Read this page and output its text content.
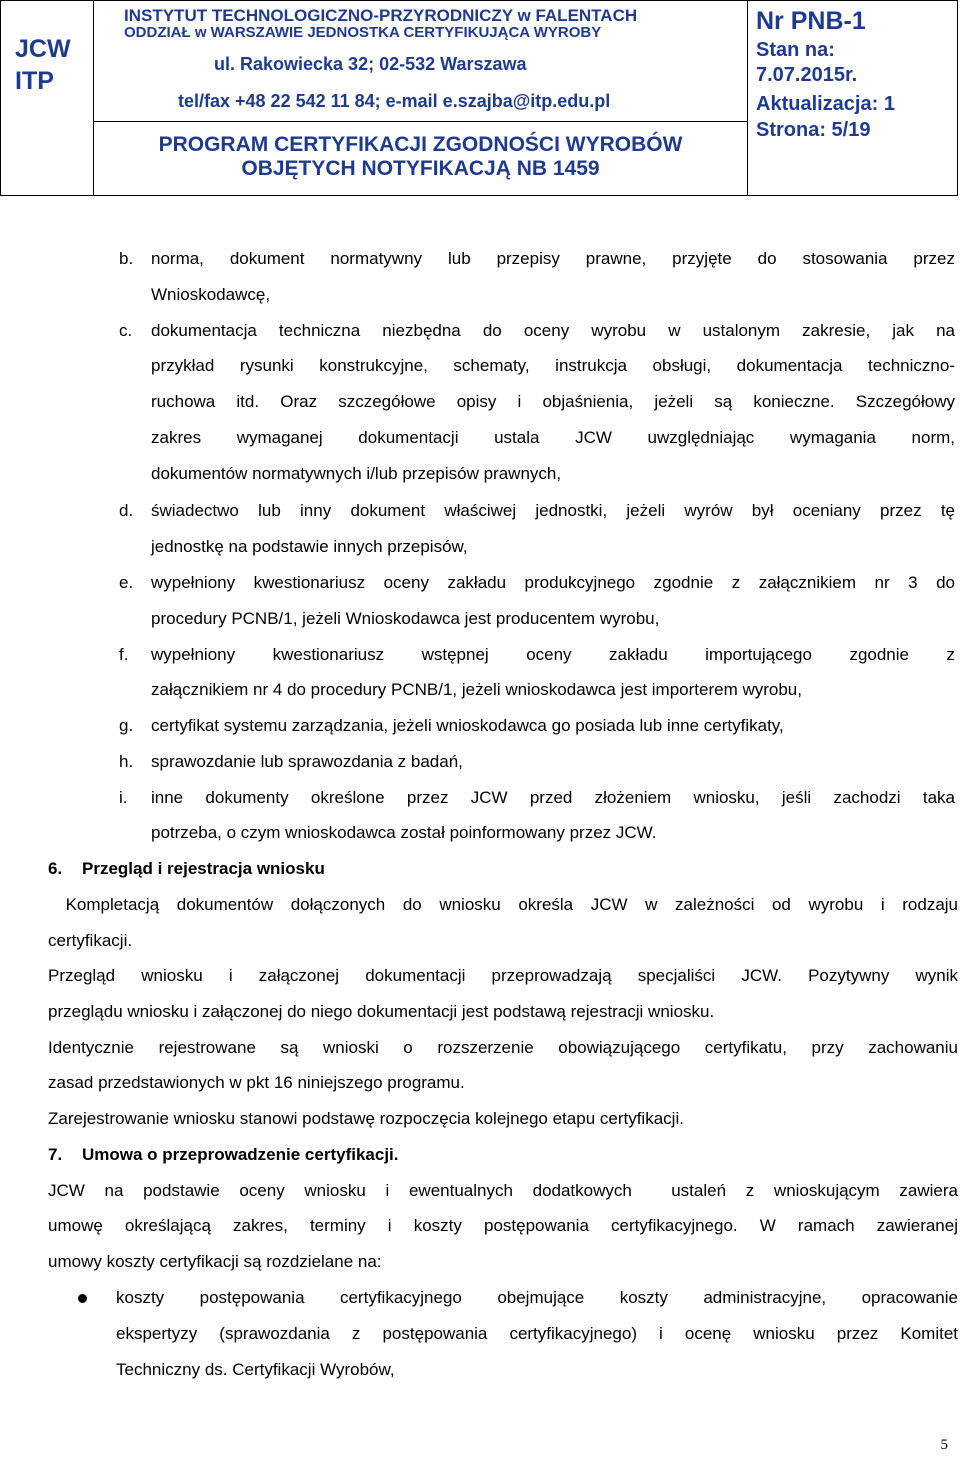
JCW
ITP
INSTYTUT TECHNOLOGICZNO-PRZYRODNICZY w FALENTACH
ODDZIAŁ w WARSZAWIE JEDNOSTKA CERTYFIKUJĄCA WYROBY
ul. Rakowiecka 32; 02-532 Warszawa
tel/fax +48 22 542 11 84; e-mail e.szajba@itp.edu.pl
PROGRAM CERTYFIKACJI ZGODNOŚCI WYROBÓW
OBJĘTYCH NOTYFIKACJĄ NB 1459
Nr PNB-1
Stan na:
7.07.2015r.
Aktualizacja: 1
Strona: 5/19
b. norma, dokument normatywny lub przepisy prawne, przyjęte do stosowania przez
Wnioskodawcę,
c. dokumentacja techniczna niezbędna do oceny wyrobu w ustalonym zakresie, jak na
przykład rysunki konstrukcyjne, schematy, instrukcja obsługi, dokumentacja techniczno-
ruchowa itd. Oraz szczegółowe opisy i objaśnienia, jeżeli są konieczne. Szczegółowy
zakres wymaganej dokumentacji ustala JCW uwzględniając wymagania norm,
dokumentów normatywnych i/lub przepisów prawnych,
d. świadectwo lub inny dokument właściwej jednostki, jeżeli wyrów był oceniany przez tę
jednostkę na podstawie innych przepisów,
e. wypełniony kwestionariusz oceny zakładu produkcyjnego zgodnie z załącznikiem nr 3 do
procedury PCNB/1, jeżeli Wnioskodawca jest producentem wyrobu,
f. wypełniony kwestionariusz wstępnej oceny zakładu importującego zgodnie z
załącznikiem nr 4 do procedury PCNB/1, jeżeli wnioskodawca jest importerem wyrobu,
g. certyfikat systemu zarządzania, jeżeli wnioskodawca go posiada lub inne certyfikaty,
h. sprawozdanie lub sprawozdania z badań,
i. inne dokumenty określone przez JCW przed złożeniem wniosku, jeśli zachodzi taka
potrzeba, o czym wnioskodawca został poinformowany przez JCW.
6. Przegląd i rejestracja wniosku
Kompletacją dokumentów dołączonych do wniosku określa JCW w zależności od wyrobu i rodzaju
certyfikacji.
Przegląd wniosku i załączonej dokumentacji przeprowadzają specjaliści JCW. Pozytywny wynik
przeglądu wniosku i załączonej do niego dokumentacji jest podstawą rejestracji wniosku.
Identycznie rejestrowane są wnioski o rozszerzenie obowiązującego certyfikatu, przy zachowaniu
zasad przedstawionych w pkt 16 niniejszego programu.
Zarejestrowanie wniosku stanowi podstawę rozpoczęcia kolejnego etapu certyfikacji.
7. Umowa o przeprowadzenie certyfikacji.
JCW na podstawie oceny wniosku i ewentualnych dodatkowych  ustaleń z wnioskującym zawiera
umowę określającą zakres, terminy i koszty postępowania certyfikacyjnego. W ramach zawieranej
umowy koszty certyfikacji są rozdzielane na:
koszty postępowania certyfikacyjnego obejmujące koszty administracyjne, opracowanie
ekspertyzy (sprawozdania z postępowania certyfikacyjnego) i ocenę wniosku przez Komitet
Techniczny ds. Certyfikacji Wyrobów,
5
